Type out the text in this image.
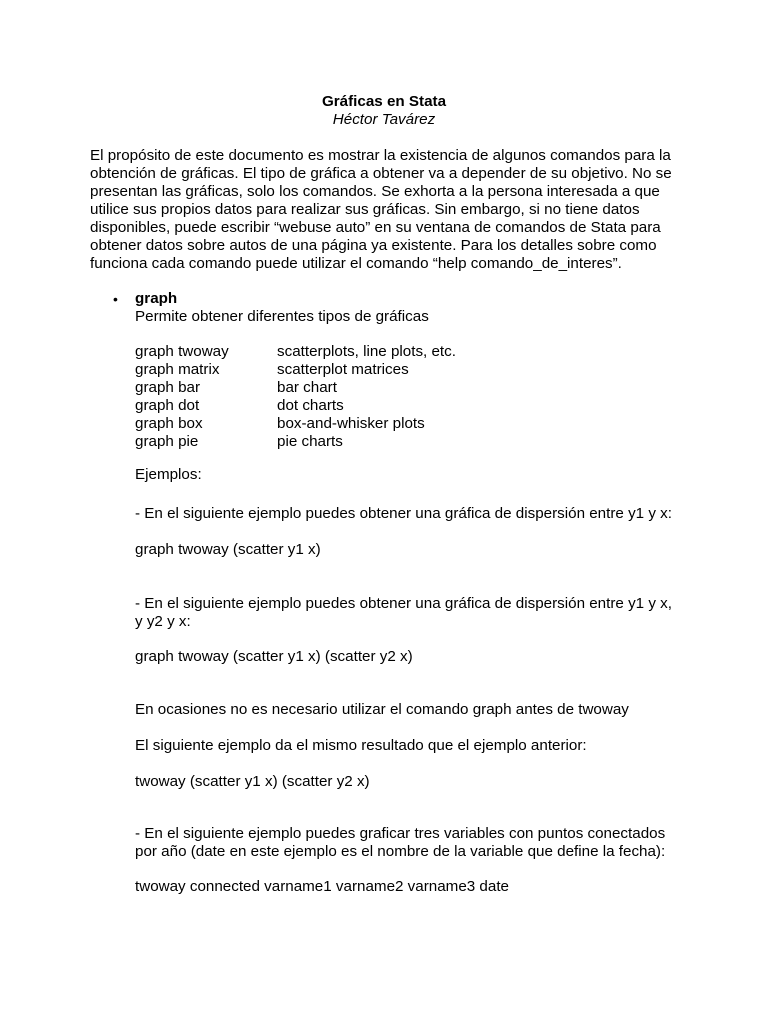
Gráficas en Stata
Héctor Tavárez

El propósito de este documento es mostrar la existencia de algunos comandos para la
obtención de gráficas. El tipo de gráfica a obtener va a depender de su objetivo. No se
presentan las gráficas, solo los comandos. Se exhorta a la persona interesada a que
utilice sus propios datos para realizar sus gráficas. Sin embargo, si no tiene datos
disponibles, puede escribir “webuse auto” en su ventana de comandos de Stata para
obtener datos sobre autos de una página ya existente. Para los detalles sobre como
funciona cada comando puede utilizar el comando “help comando_de_interes”.

• graph
Permite obtener diferentes tipos de gráficas
graph twoway	scatterplots, line plots, etc.
graph matrix	scatterplot matrices
graph bar	bar chart
graph dot	dot charts
graph box	box-and-whisker plots
graph pie	pie charts
Ejemplos:
- En el siguiente ejemplo puedes obtener una gráfica de dispersión entre y1 y x:
graph twoway (scatter y1 x)
- En el siguiente ejemplo puedes obtener una gráfica de dispersión entre y1 y x,
y y2 y x:
graph twoway (scatter y1 x) (scatter y2 x)
En ocasiones no es necesario utilizar el comando graph antes de twoway
El siguiente ejemplo da el mismo resultado que el ejemplo anterior:
twoway (scatter y1 x) (scatter y2 x)
- En el siguiente ejemplo puedes graficar tres variables con puntos conectados
por año (date en este ejemplo es el nombre de la variable que define la fecha):
twoway connected varname1 varname2 varname3 date
